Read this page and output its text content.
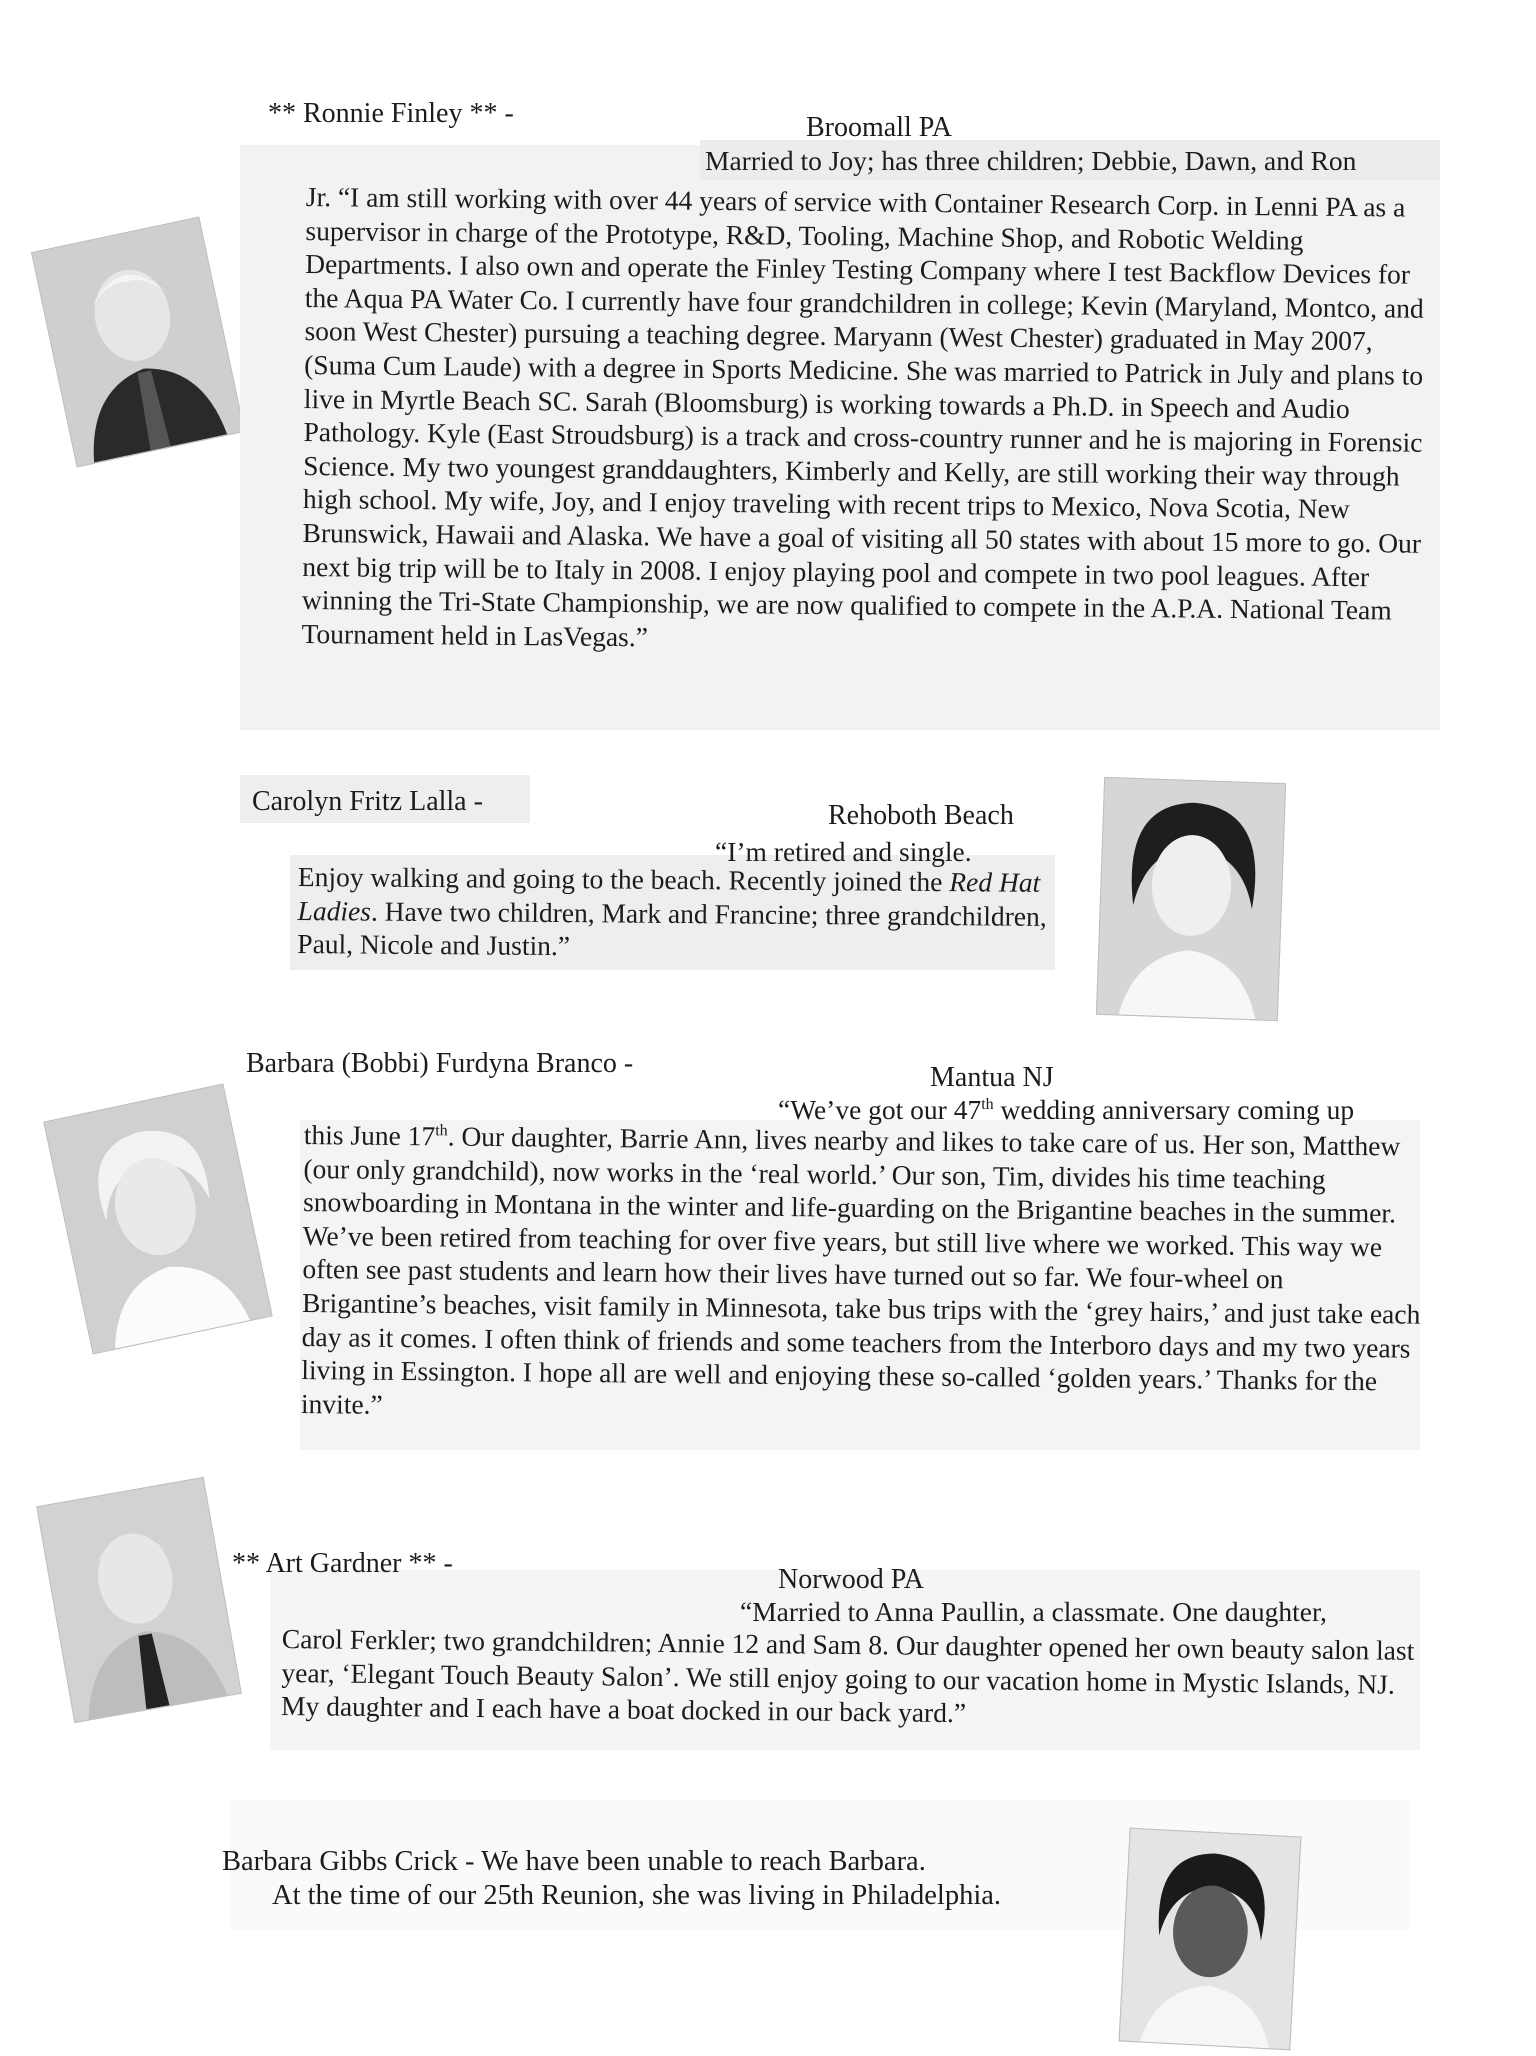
** Ronnie Finley ** -	Broomall PA
Married to Joy; has three children; Debbie, Dawn, and Ron
Jr. “I am still working with over 44 years of service with Container Research Corp. in Lenni PA as a supervisor in charge of the Prototype, R&D, Tooling, Machine Shop, and Robotic Welding Departments. I also own and operate the Finley Testing Company where I test Backflow Devices for the Aqua PA Water Co. I currently have four grandchildren in college; Kevin (Maryland, Montco, and soon West Chester) pursuing a teaching degree. Maryann (West Chester) graduated in May 2007, (Suma Cum Laude) with a degree in Sports Medicine. She was married to Patrick in July and plans to live in Myrtle Beach SC. Sarah (Bloomsburg) is working towards a Ph.D. in Speech and Audio Pathology. Kyle (East Stroudsburg) is a track and cross-country runner and he is majoring in Forensic Science. My two youngest granddaughters, Kimberly and Kelly, are still working their way through high school. My wife, Joy, and I enjoy traveling with recent trips to Mexico, Nova Scotia, New Brunswick, Hawaii and Alaska. We have a goal of visiting all 50 states with about 15 more to go. Our next big trip will be to Italy in 2008. I enjoy playing pool and compete in two pool leagues. After winning the Tri-State Championship, we are now qualified to compete in the A.P.A. National Team Tournament held in LasVegas.”
Carolyn Fritz Lalla -	Rehoboth Beach
“I’m retired and single.
Enjoy walking and going to the beach. Recently joined the Red Hat Ladies. Have two children, Mark and Francine; three grandchildren, Paul, Nicole and Justin.”
Barbara (Bobbi) Furdyna Branco -	Mantua NJ
“We’ve got our 47th wedding anniversary coming up
this June 17th. Our daughter, Barrie Ann, lives nearby and likes to take care of us. Her son, Matthew (our only grandchild), now works in the ‘real world.’ Our son, Tim, divides his time teaching snowboarding in Montana in the winter and life-guarding on the Brigantine beaches in the summer. We’ve been retired from teaching for over five years, but still live where we worked. This way we often see past students and learn how their lives have turned out so far. We four-wheel on Brigantine’s beaches, visit family in Minnesota, take bus trips with the ‘grey hairs,’ and just take each day as it comes. I often think of friends and some teachers from the Interboro days and my two years living in Essington. I hope all are well and enjoying these so-called ‘golden years.’ Thanks for the invite.”
** Art Gardner ** -
Norwood PA
“Married to Anna Paullin, a classmate. One daughter,
Carol Ferkler; two grandchildren; Annie 12 and Sam 8. Our daughter opened her own beauty salon last year, ‘Elegant Touch Beauty Salon’. We still enjoy going to our vacation home in Mystic Islands, NJ. My daughter and I each have a boat docked in our back yard.”
Barbara Gibbs Crick - We have been unable to reach Barbara.
At the time of our 25th Reunion, she was living in Philadelphia.
